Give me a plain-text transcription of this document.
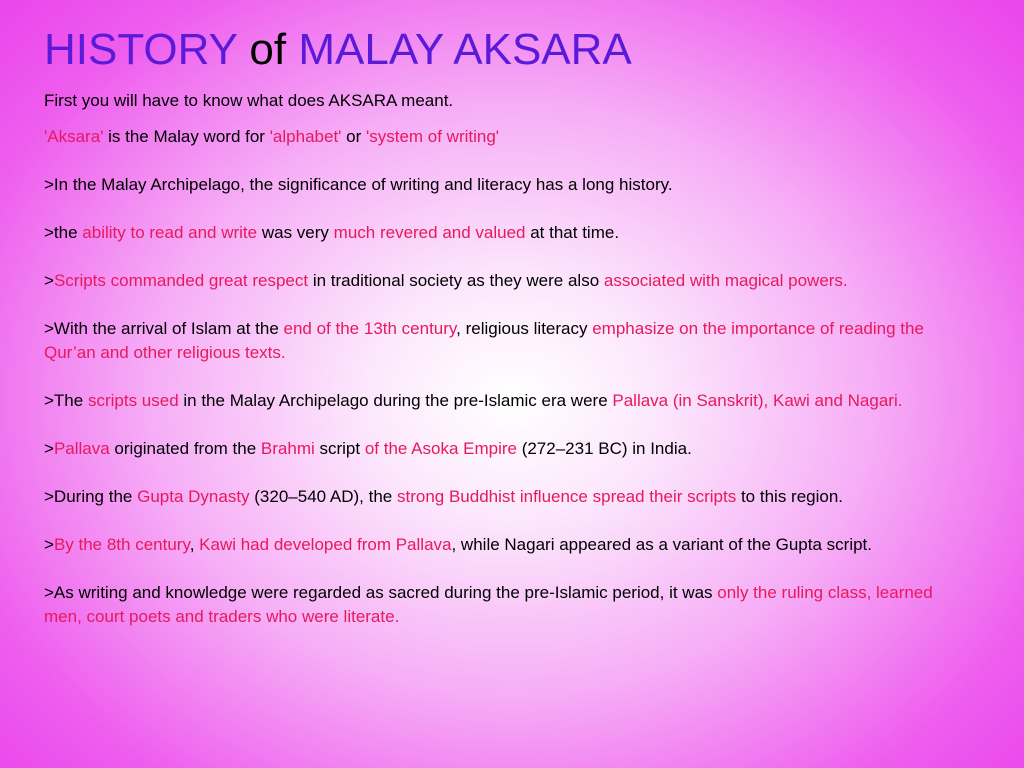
HISTORY of MALAY AKSARA

First you will have to know what does AKSARA meant.

'Aksara' is the Malay word for 'alphabet' or 'system of writing'

>In the Malay Archipelago, the significance of writing and literacy has a long history.

>the ability to read and write was very much revered and valued at that time.

>Scripts commanded great respect in traditional society as they were also associated with magical powers.

>With the arrival of Islam at the end of the 13th century, religious literacy emphasize on the importance of reading the Qur’an and other religious texts.

>The scripts used in the Malay Archipelago during the pre-Islamic era were Pallava (in Sanskrit), Kawi and Nagari.

>Pallava originated from the Brahmi script of the Asoka Empire (272–231 BC) in India.

>During the Gupta Dynasty (320–540 AD), the strong Buddhist influence spread their scripts to this region.

>By the 8th century, Kawi had developed from Pallava, while Nagari appeared as a variant of the Gupta script.

>As writing and knowledge were regarded as sacred during the pre-Islamic period, it was only the ruling class, learned men, court poets and traders who were literate.
